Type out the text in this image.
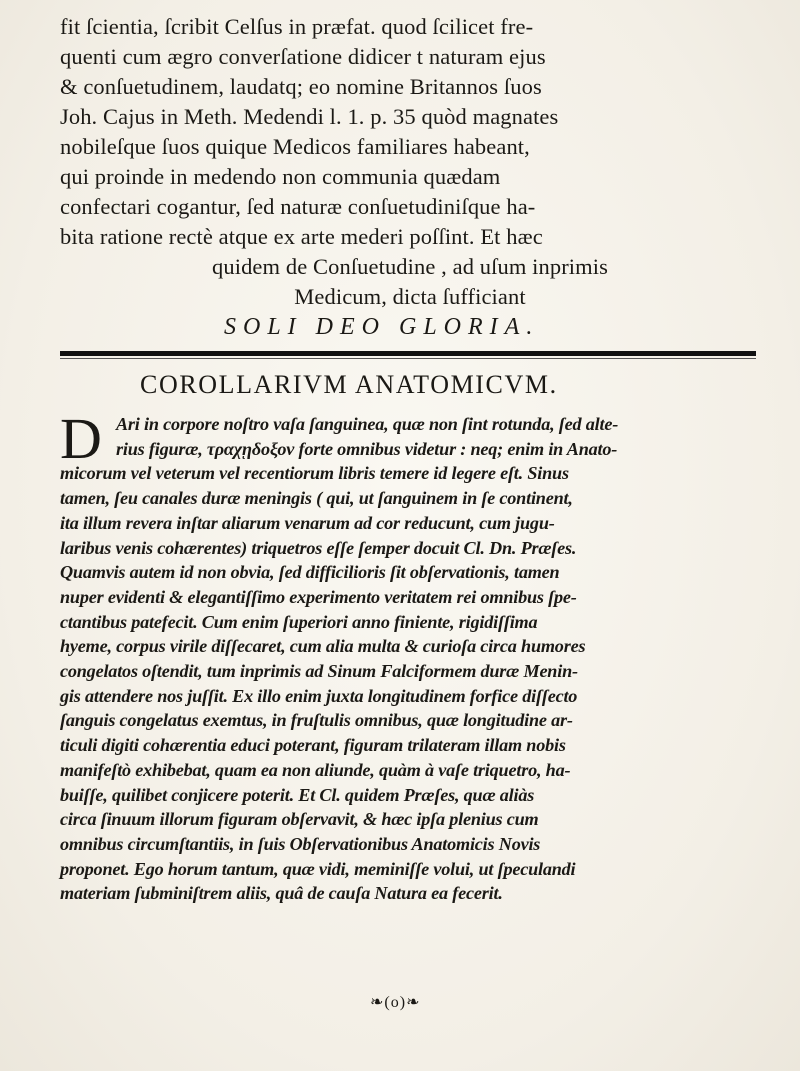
fit ſcientia, ſcribit Celſus in præfat. quod ſcilicet fre-
quenti cum ægro converſatione didicer t naturam ejus
& conſuetudinem, laudatq; eo nomine Britannos ſuos
Joh. Cajus in Meth. Medendi l. 1. p. 35 quòd magnates
nobileſque ſuos quique Medicos familiares habeant,
qui proinde in medendo non communia quædam
confectari cogantur, ſed naturæ conſuetudiniſque ha-
bita ratione rectè atque ex arte mederi poſſint. Et hæc
quidem de Conſuetudine , ad uſum inprimis
Medicum, dicta ſufficiant
SOLI DEO GLORIA.
COROLLARIVM ANATOMICVM.
D Ari in corpore noſtro vaſa ſanguinea, quæ non ſint rotunda, ſed alte-
rius figuræ, τραχῃδοξον forte omnibus videtur : neq; enim in Anato-
micorum vel veterum vel recentiorum libris temere id legere eſt. Sinus
tamen, ſeu canales duræ meningis ( qui, ut ſanguinem in ſe continent,
ita illum revera inſtar aliarum venarum ad cor reducunt, cum jugu-
laribus venis cohærentes) triquetros eſſe ſemper docuit Cl. Dn. Præſes.
Quamvis autem id non obvia, ſed difficilioris ſit obſervationis, tamen
nuper evidenti & elegantiſſimo experimento veritatem rei omnibus ſpe-
ctantibus patefecit. Cum enim ſuperiori anno finiente, rigidiſſima
hyeme, corpus virile diſſecaret, cum alia multa & curioſa circa humores
congelatos oſtendit, tum inprimis ad Sinum Falciformem duræ Menin-
gis attendere nos juſſit. Ex illo enim juxta longitudinem forfice diſſecto
ſanguis congelatus exemtus, in fruſtulis omnibus, quæ longitudine ar-
ticuli digiti cohærentia educi poterant, figuram trilateram illam nobis
manifeſtò exhibebat, quam ea non aliunde, quàm à vaſe triquetro, ha-
buiſſe, quilibet conjicere poterit. Et Cl. quidem Præſes, quæ aliàs
circa ſinuum illorum figuram obſervavit, & hæc ipſa plenius cum
omnibus circumſtantiis, in ſuis Obſervationibus Anatomicis Novis
proponet. Ego horum tantum, quæ vidi, meminiſſe volui, ut ſpeculandi
materiam ſubminiſtrem aliis, quâ de cauſa Natura ea fecerit.
❧(o)❧
